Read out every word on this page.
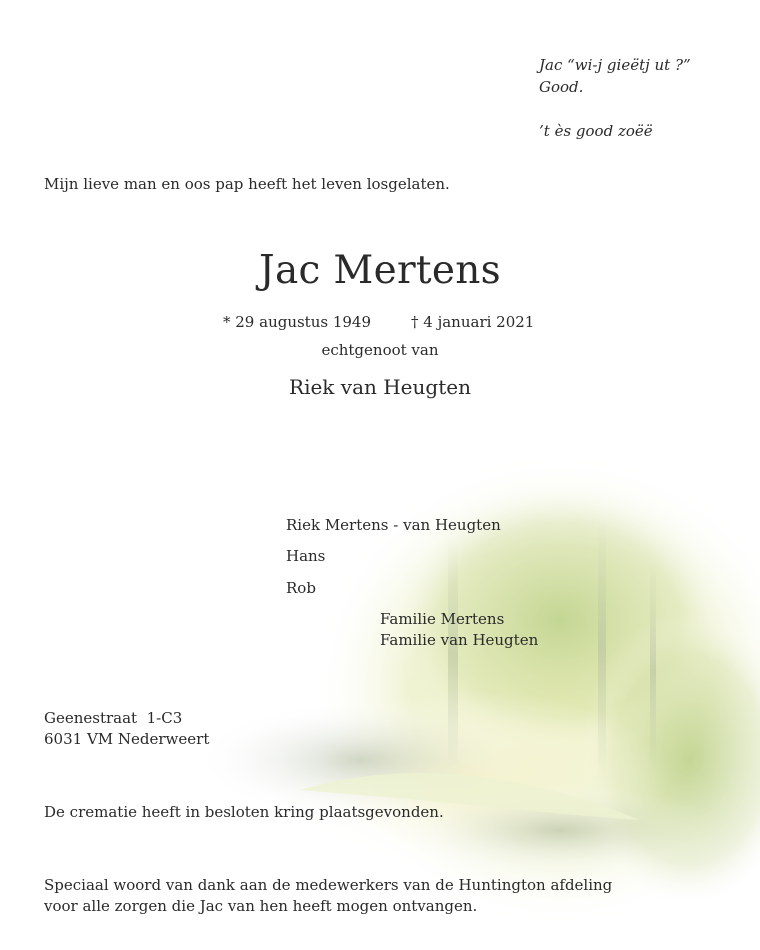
Jac “wi-j gieëtj ut ?”
Good.
’t ès good zoëë
Mijn lieve man en oos pap heeft het leven losgelaten.
Jac Mertens
* 29 augustus 1949	† 4 januari 2021
echtgenoot van
Riek van Heugten
Riek Mertens - van Heugten
Hans
Rob
Familie Mertens
Familie van Heugten
Geenestraat  1-C3
6031 VM Nederweert
De crematie heeft in besloten kring plaatsgevonden.
Speciaal woord van dank aan de medewerkers van de Huntington afdeling
voor alle zorgen die Jac van hen heeft mogen ontvangen.
